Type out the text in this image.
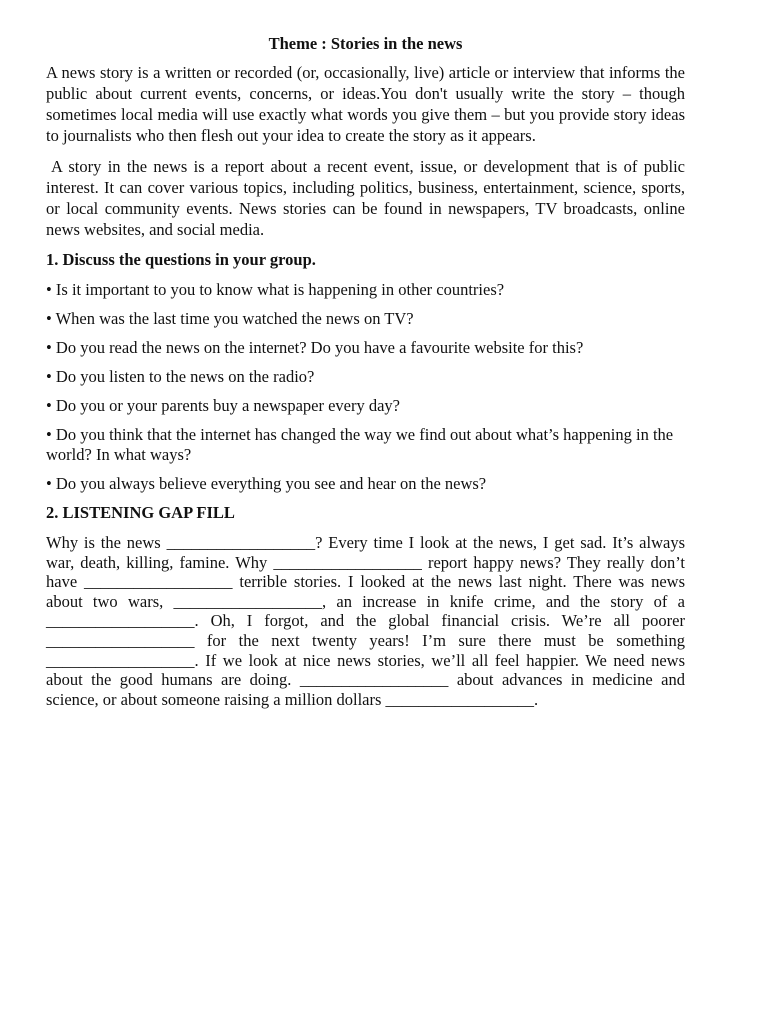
Theme : Stories in the news

A news story is a written or recorded (or, occasionally, live) article or interview that informs the public about current events, concerns, or ideas.You don't usually write the story – though sometimes local media will use exactly what words you give them – but you provide story ideas to journalists who then flesh out your idea to create the story as it appears.

A story in the news is a report about a recent event, issue, or development that is of public interest. It can cover various topics, including politics, business, entertainment, science, sports, or local community events. News stories can be found in newspapers, TV broadcasts, online news websites, and social media.

1. Discuss the questions in your group.
• Is it important to you to know what is happening in other countries?
• When was the last time you watched the news on TV?
• Do you read the news on the internet? Do you have a favourite website for this?
• Do you listen to the news on the radio?
• Do you or your parents buy a newspaper every day?
• Do you think that the internet has changed the way we find out about what’s happening in the world? In what ways?
• Do you always believe everything you see and hear on the news?
2. LISTENING GAP FILL

Why is the news __________________? Every time I look at the news, I get sad. It’s always war, death, killing, famine. Why __________________ report happy news? They really don’t have __________________ terrible stories. I looked at the news last night. There was news about two wars, __________________, an increase in knife crime, and the story of a __________________. Oh, I forgot, and the global financial crisis. We’re all poorer __________________ for the next twenty years! I’m sure there must be something __________________. If we look at nice news stories, we’ll all feel happier. We need news about the good humans are doing. __________________ about advances in medicine and science, or about someone raising a million dollars __________________.
